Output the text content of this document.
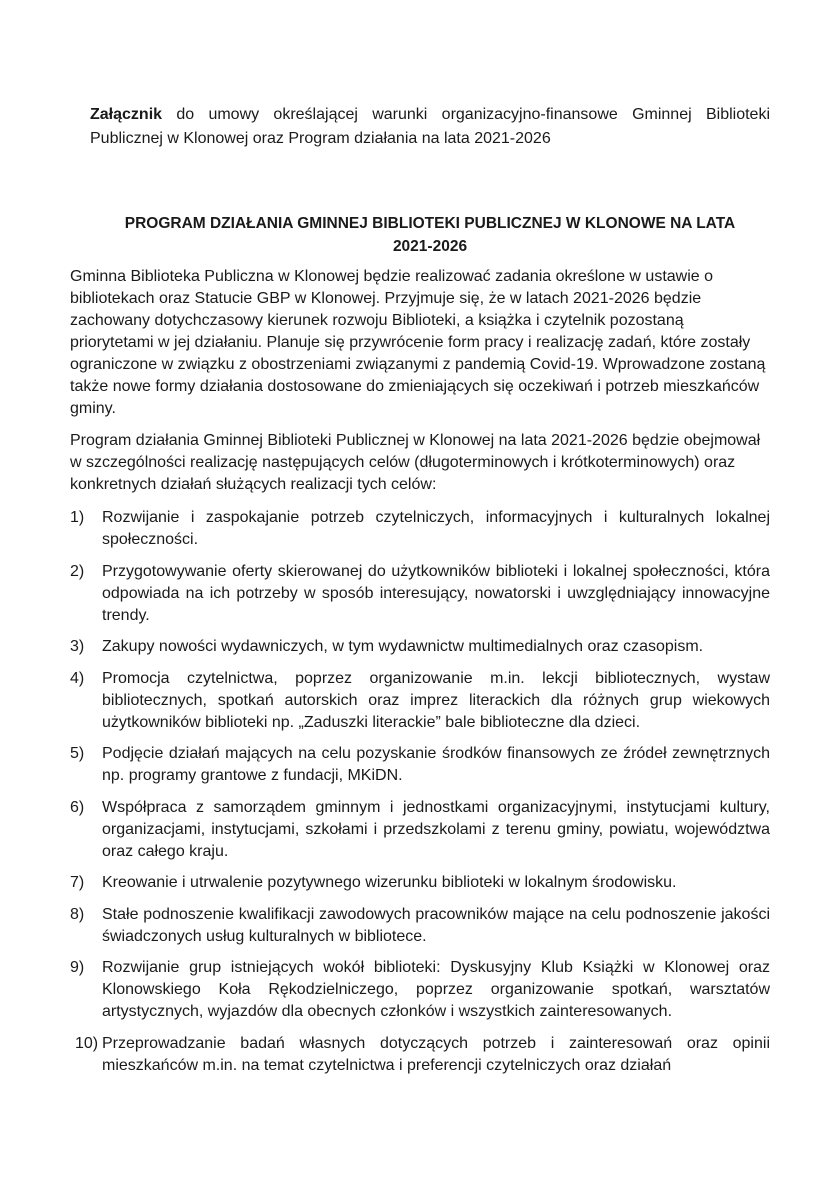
Załącznik do umowy określającej warunki organizacyjno-finansowe Gminnej Biblioteki Publicznej w Klonowej oraz Program działania na lata 2021-2026
PROGRAM DZIAŁANIA GMINNEJ BIBLIOTEKI PUBLICZNEJ W KLONOWE NA LATA
2021-2026
Gminna Biblioteka Publiczna w Klonowej będzie realizować zadania określone w ustawie o bibliotekach oraz Statucie GBP w Klonowej. Przyjmuje się, że w latach 2021-2026 będzie zachowany dotychczasowy kierunek rozwoju Biblioteki, a książka i czytelnik pozostaną priorytetami w jej działaniu. Planuje się przywrócenie form pracy i realizację zadań, które zostały ograniczone w związku z obostrzeniami związanymi z pandemią Covid-19. Wprowadzone zostaną także nowe formy działania dostosowane do zmieniających się oczekiwań i potrzeb mieszkańców gminy.
Program działania Gminnej Biblioteki Publicznej w Klonowej na lata 2021-2026 będzie obejmował w szczególności realizację następujących celów (długoterminowych i krótkoterminowych) oraz konkretnych działań służących realizacji tych celów:
1)	Rozwijanie i zaspokajanie potrzeb czytelniczych, informacyjnych i kulturalnych lokalnej społeczności.
2)	Przygotowywanie oferty skierowanej do użytkowników biblioteki i lokalnej społeczności, która odpowiada na ich potrzeby w sposób interesujący, nowatorski i uwzględniający innowacyjne trendy.
3)	Zakupy nowości wydawniczych, w tym wydawnictw multimedialnych oraz czasopism.
4)	Promocja czytelnictwa, poprzez organizowanie m.in. lekcji bibliotecznych, wystaw bibliotecznych, spotkań autorskich oraz imprez literackich dla różnych grup wiekowych użytkowników biblioteki np. „Zaduszki literackie” bale biblioteczne dla dzieci.
5)	Podjęcie działań mających na celu pozyskanie środków finansowych ze źródeł zewnętrznych np. programy grantowe z fundacji, MKiDN.
6)	Współpraca z samorządem gminnym i jednostkami organizacyjnymi, instytucjami kultury, organizacjami, instytucjami, szkołami i przedszkolami z terenu gminy, powiatu, województwa oraz całego kraju.
7)	Kreowanie i utrwalenie pozytywnego wizerunku biblioteki w lokalnym środowisku.
8)	Stałe podnoszenie kwalifikacji zawodowych pracowników mające na celu podnoszenie jakości świadczonych usług kulturalnych w bibliotece.
9)	Rozwijanie grup istniejących wokół biblioteki: Dyskusyjny Klub Książki w Klonowej oraz Klonowskiego Koła Rękodzielniczego, poprzez organizowanie spotkań, warsztatów artystycznych, wyjazdów dla obecnych członków i wszystkich zainteresowanych.
10) Przeprowadzanie badań własnych dotyczących potrzeb i zainteresowań oraz opinii mieszkańców m.in. na temat czytelnictwa i preferencji czytelniczych oraz działań
